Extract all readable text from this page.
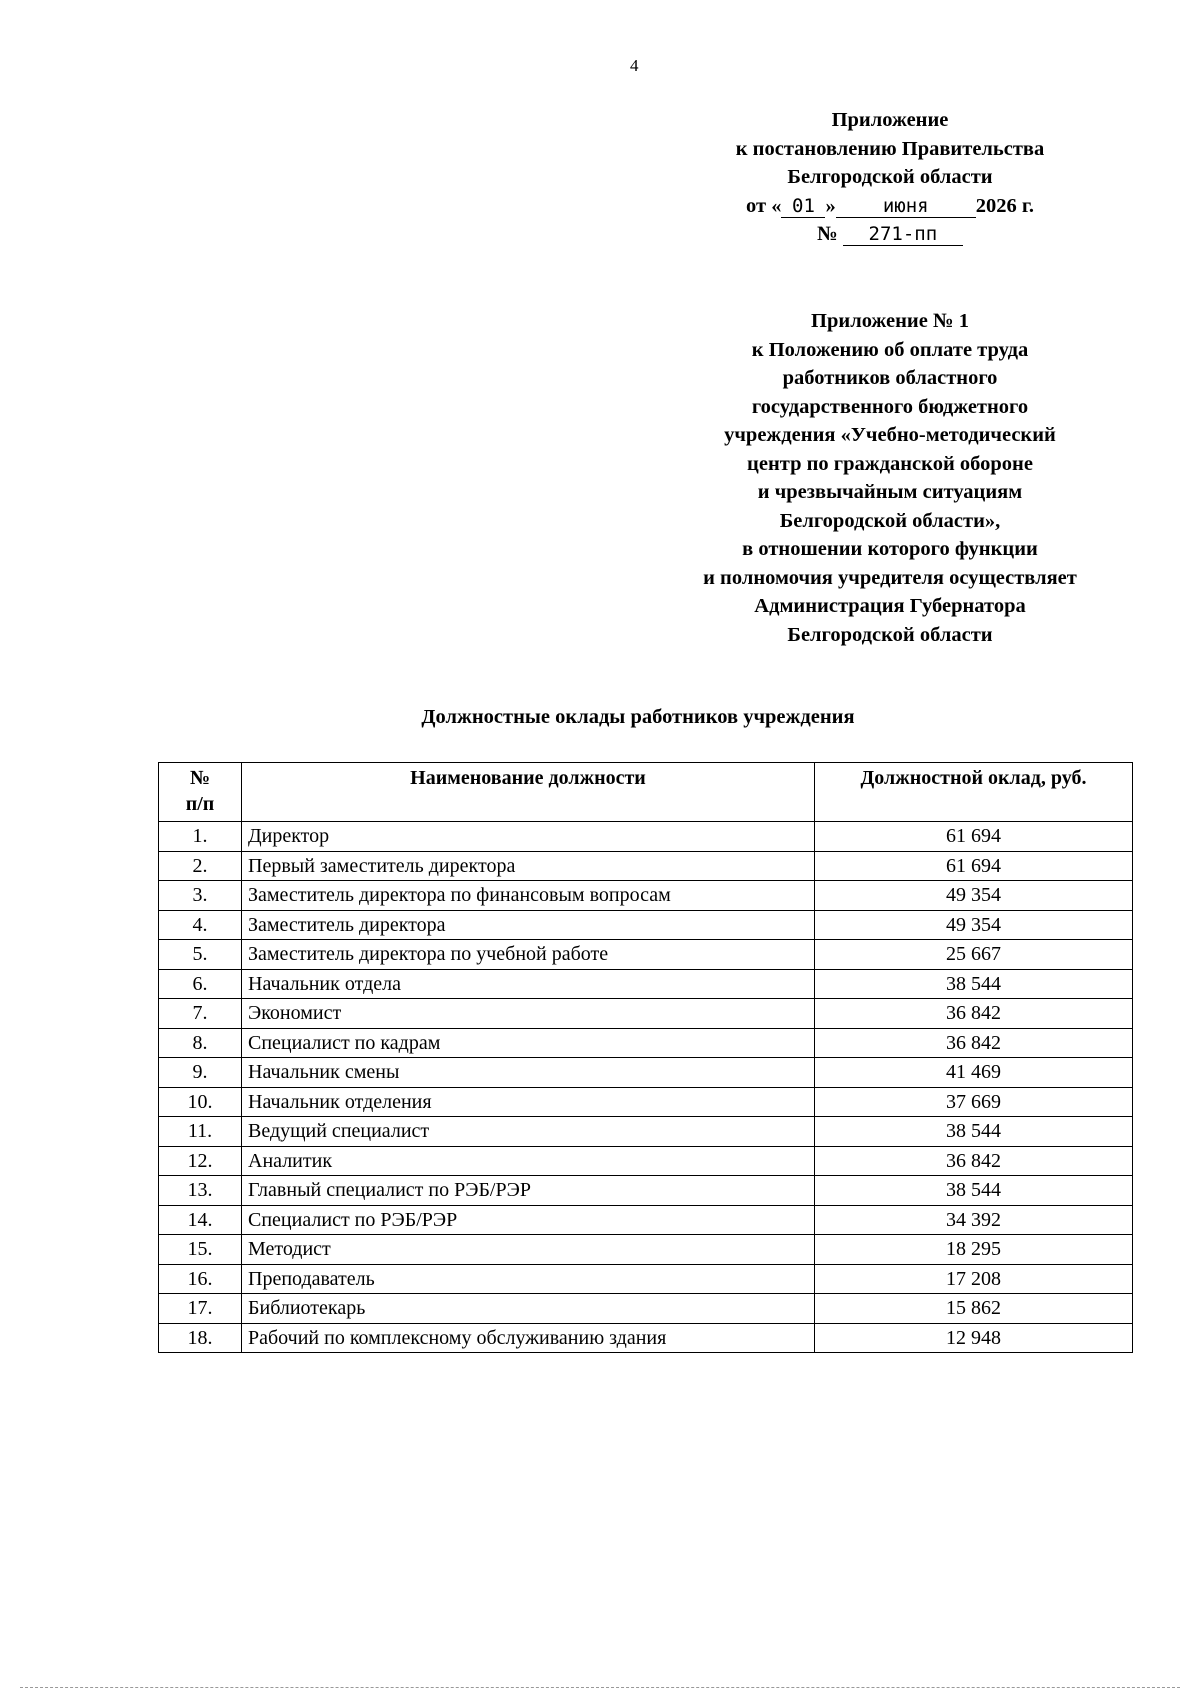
4
Приложение
к постановлению Правительства
Белгородской области
от « 01 » июня 2026 г.
№ 271-пп
Приложение № 1
к Положению об оплате труда
работников областного
государственного бюджетного
учреждения «Учебно-методический
центр по гражданской обороне
и чрезвычайным ситуациям
Белгородской области»,
в отношении которого функции
и полномочия учредителя осуществляет
Администрация Губернатора
Белгородской области
Должностные оклады работников учреждения
№
п/п	Наименование должности	Должностной оклад, руб.
1.	Директор	61 694
2.	Первый заместитель директора	61 694
3.	Заместитель директора по финансовым вопросам	49 354
4.	Заместитель директора	49 354
5.	Заместитель директора по учебной работе	25 667
6.	Начальник отдела	38 544
7.	Экономист	36 842
8.	Специалист по кадрам	36 842
9.	Начальник смены	41 469
10.	Начальник отделения	37 669
11.	Ведущий специалист	38 544
12.	Аналитик	36 842
13.	Главный специалист по РЭБ/РЭР	38 544
14.	Специалист по РЭБ/РЭР	34 392
15.	Методист	18 295
16.	Преподаватель	17 208
17.	Библиотекарь	15 862
18.	Рабочий по комплексному обслуживанию здания	12 948
